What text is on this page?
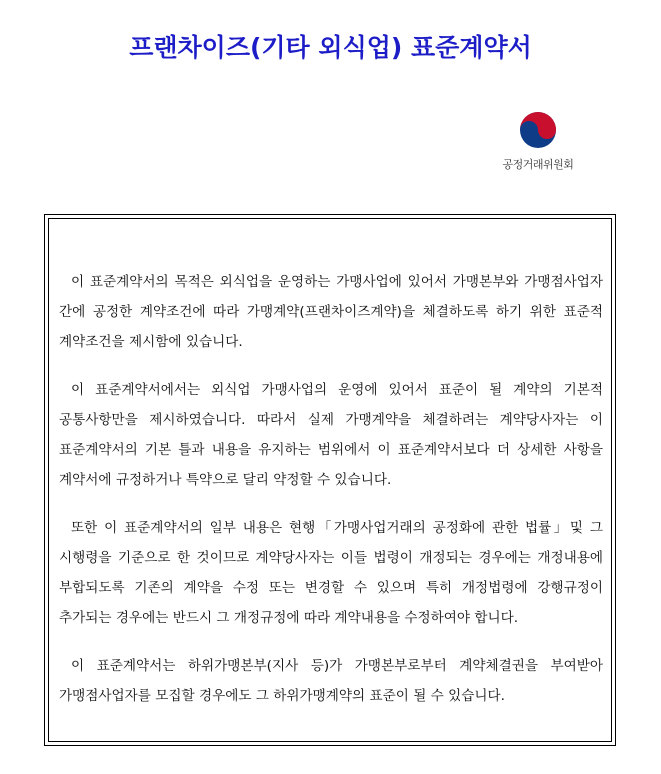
프랜차이즈(기타 외식업) 표준계약서
공정거래위원회

이 표준계약서의 목적은 외식업을 운영하는 가맹사업에 있어서 가맹본부와 가맹점사업자 간에 공정한 계약조건에 따라 가맹계약(프랜차이즈계약)을 체결하도록 하기 위한 표준적 계약조건을 제시함에 있습니다.

이 표준계약서에서는 외식업 가맹사업의 운영에 있어서 표준이 될 계약의 기본적 공통사항만을 제시하였습니다. 따라서 실제 가맹계약을 체결하려는 계약당사자는 이 표준계약서의 기본 틀과 내용을 유지하는 범위에서 이 표준계약서보다 더 상세한 사항을 계약서에 규정하거나 특약으로 달리 약정할 수 있습니다.

또한 이 표준계약서의 일부 내용은 현행「가맹사업거래의 공정화에 관한 법률」및 그 시행령을 기준으로 한 것이므로 계약당사자는 이들 법령이 개정되는 경우에는 개정내용에 부합되도록 기존의 계약을 수정 또는 변경할 수 있으며 특히 개정법령에 강행규정이 추가되는 경우에는 반드시 그 개정규정에 따라 계약내용을 수정하여야 합니다.

이 표준계약서는 하위가맹본부(지사 등)가 가맹본부로부터 계약체결권을 부여받아 가맹점사업자를 모집할 경우에도 그 하위가맹계약의 표준이 될 수 있습니다.
